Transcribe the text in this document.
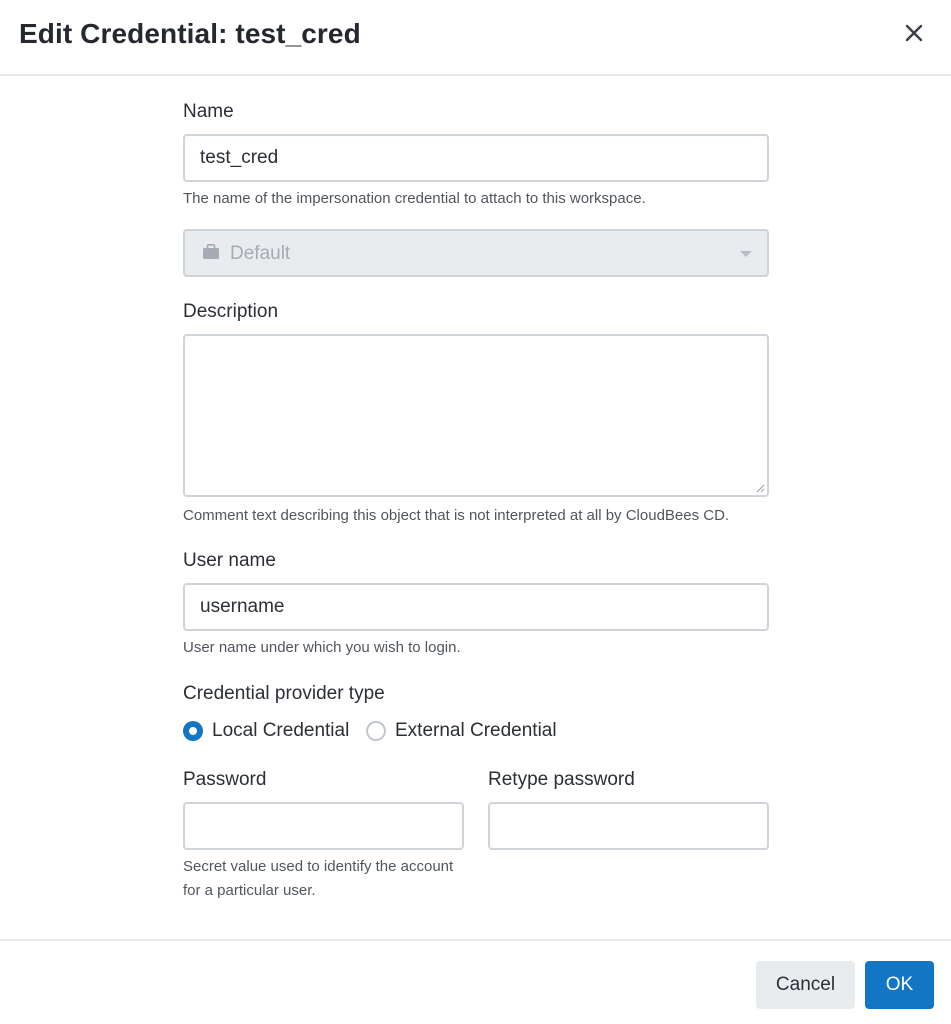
Edit Credential: test_cred
Name
test_cred
The name of the impersonation credential to attach to this workspace.
Default
Description
Comment text describing this object that is not interpreted at all by CloudBees CD.
User name
username
User name under which you wish to login.
Credential provider type
Local Credential External Credential
Password
Secret value used to identify the account
for a particular user.
Retype password
Cancel	OK
